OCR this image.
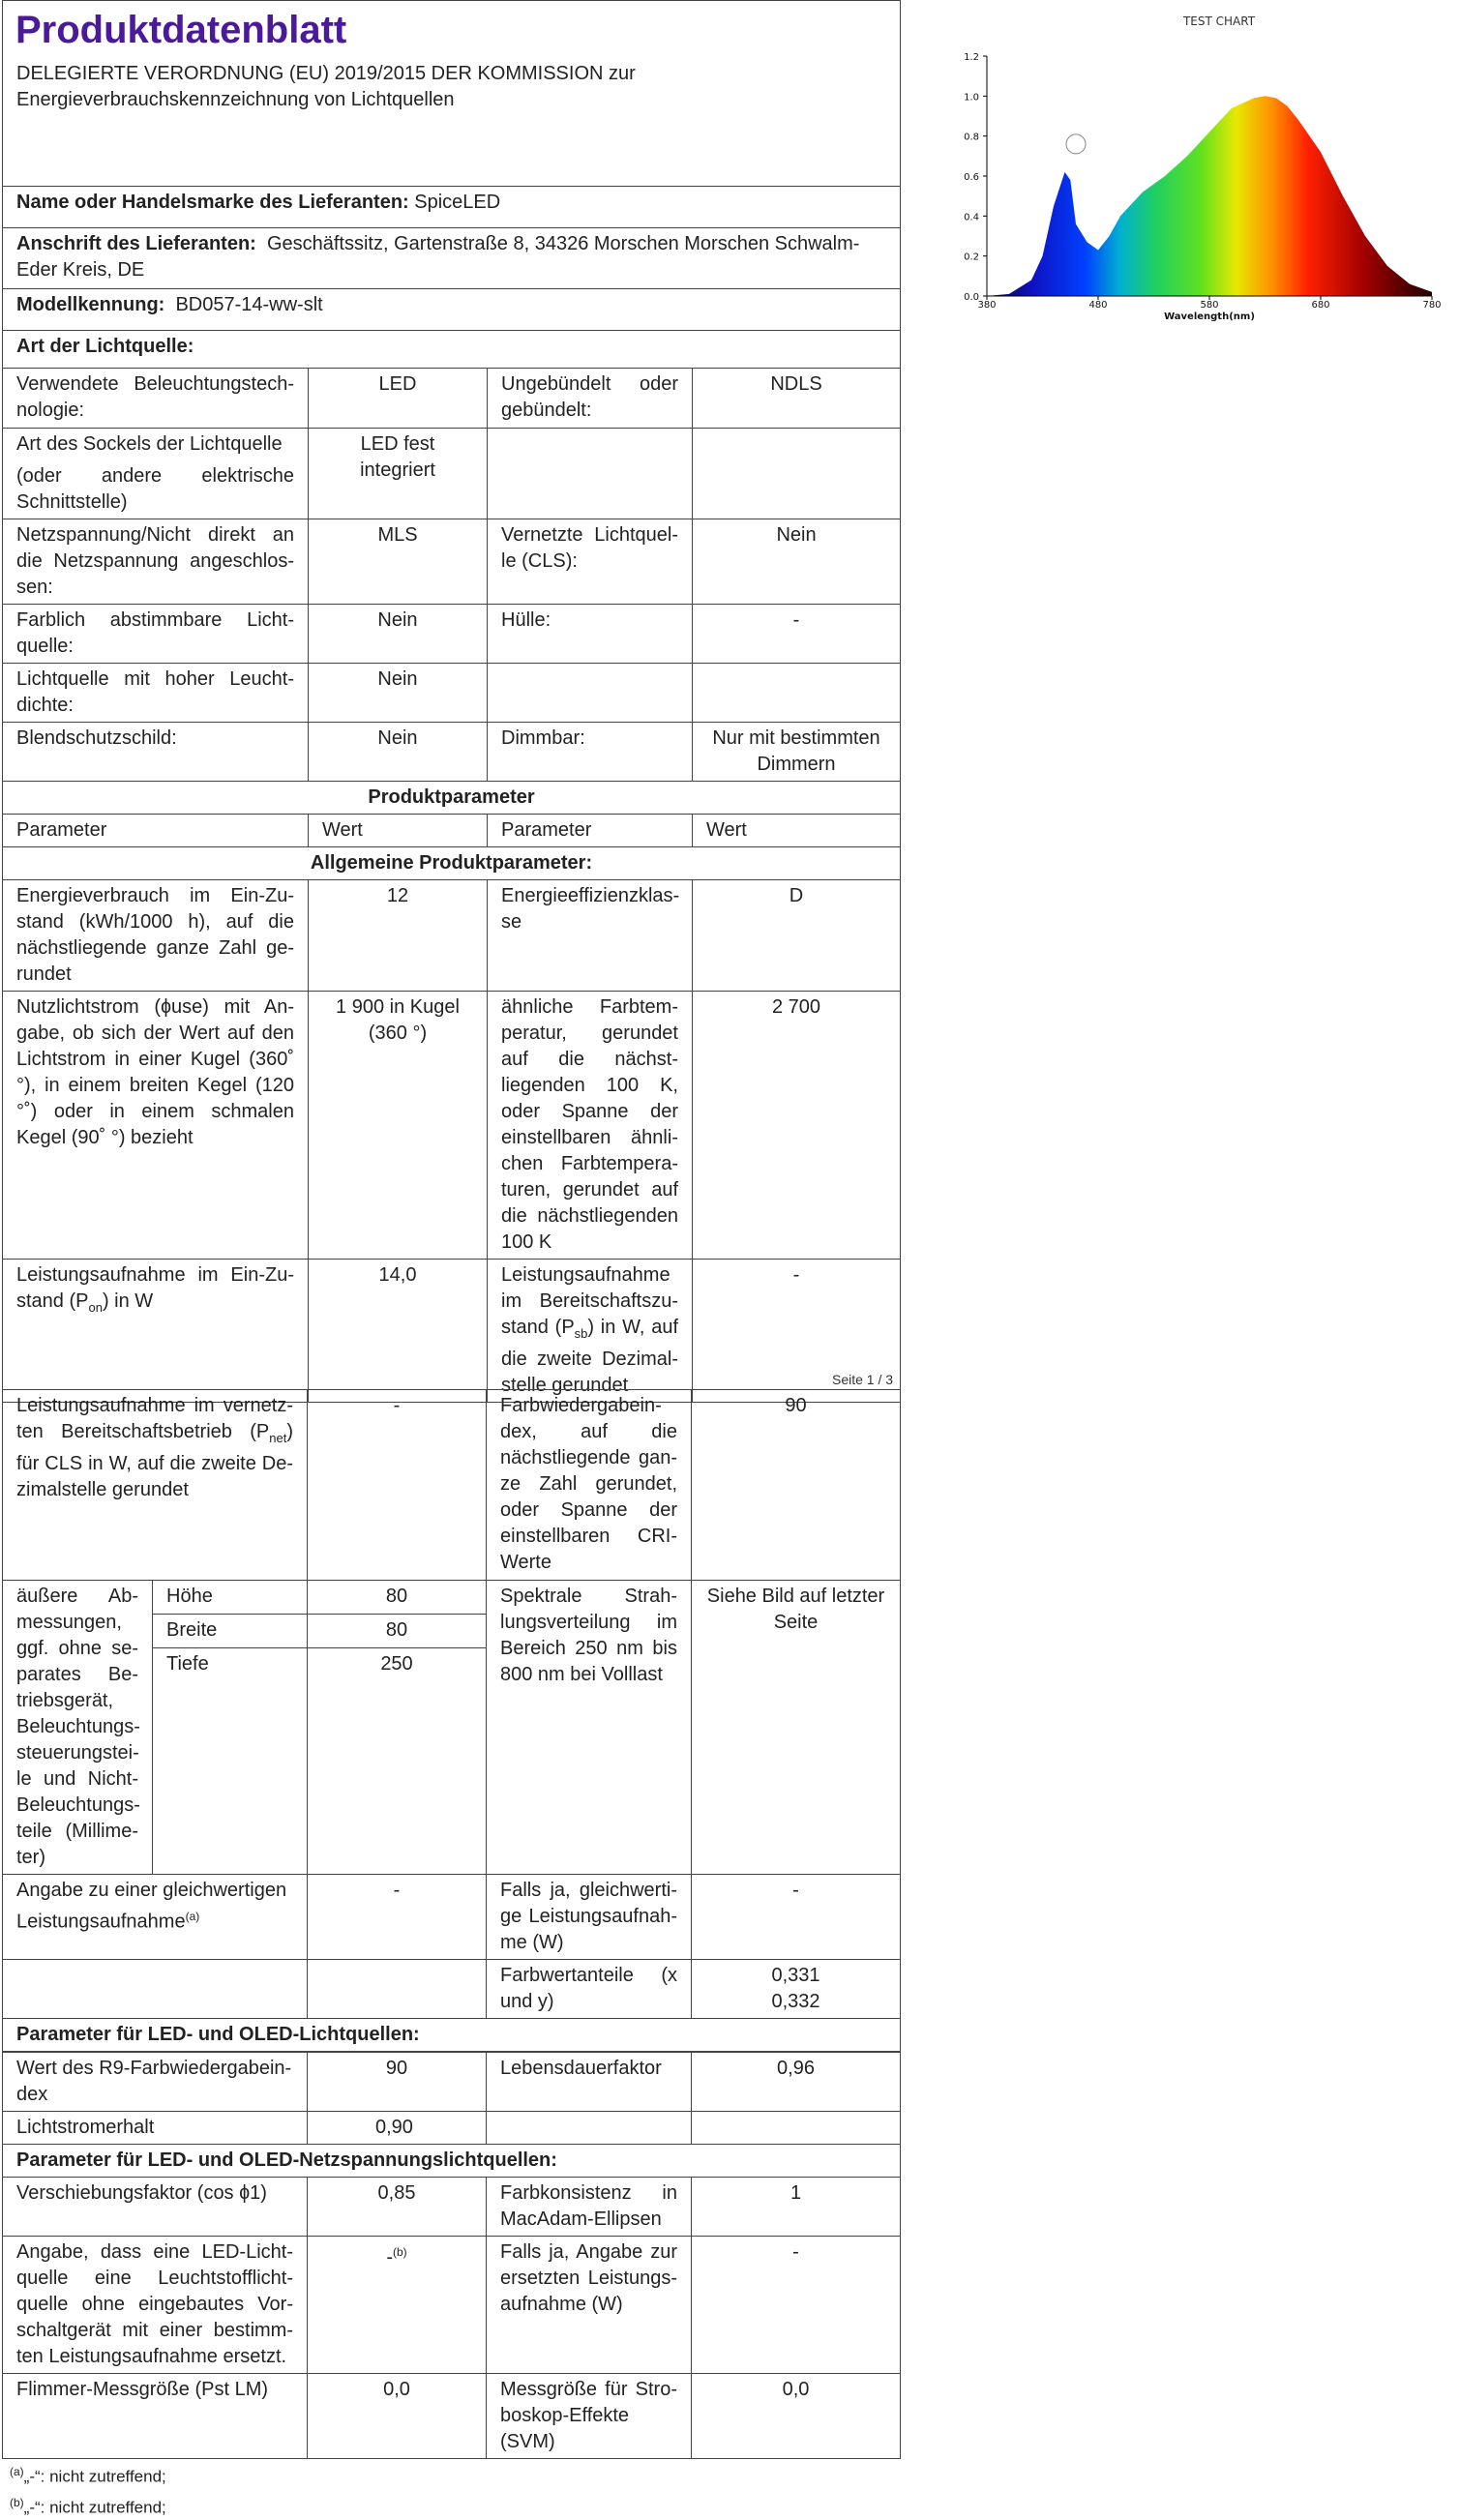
Produktdatenblatt
DELEGIERTE VERORDNUNG (EU) 2019/2015 DER KOMMISSION zur Energieverbrauchskennzeichnung von Lichtquellen			
Name oder Handelsmarke des Lieferanten: SpiceLED			
Anschrift des Lieferanten: Geschäftssitz, Gartenstraße 8, 34326 Morschen Morschen Schwalm-Eder Kreis, DE			
Modellkennung: BD057-14-ww-slt			
Art der Lichtquelle:			
Verwendete Beleuchtungstechnologie:	LED	Ungebündelt oder gebündelt:	NDLS

Art des Sockels der Lichtquelle
(oder andere elektrische Schnittstelle)	LED fest integriert		
Netzspannung/Nicht direkt an die Netzspannung angeschlossen:	MLS	Vernetzte Lichtquelle (CLS):	Nein
Farblich abstimmbare Lichtquelle:	Nein	Hülle:	-
Lichtquelle mit hoher Leuchtdichte:	Nein		
Blendschutzschild:	Nein	Dimmbar:	Nur mit bestimmten Dimmern
Produktparameter			
Parameter	Wert	Parameter	Wert
Allgemeine Produktparameter:			
Energieverbrauch im Ein-Zustand (kWh/1000 h), auf die nächstliegende ganze Zahl gerundet	12	Energieeffizienzklasse	D
Nutzlichtstrom (ɸuse) mit Angabe, ob sich der Wert auf den Lichtstrom in einer Kugel (360˚ °), in einem breiten Kegel (120 °˚) oder in einem schmalen Kegel (90˚ °) bezieht	1 900 in Kugel (360 °)	ähnliche Farbtemperatur, gerundet auf die nächstliegenden 100 K, oder Spanne der einstellbaren ähnlichen Farbtemperaturen, gerundet auf die nächstliegenden 100 K	2 700
Leistungsaufnahme im Ein-Zustand $(P_{on})$ in W	14,0	Leistungsaufnahme im Bereitschaftszustand $(P_{sb})$ in W, auf die zweite Dezimalstelle gerundet	-
Seite 1 / 3
Leistungsaufnahme im vernetzten Bereitschaftsbetrieb $(P_{net})$ für CLS in W, auf die zweite Dezimalstelle gerundet		-	Farbwiedergabeindex, auf die nächstliegende ganze Zahl gerundet, oder Spanne der einstellbaren CRI-Werte	90
äußere Abmessungen, ggf. ohne separates Betriebsgerät, Beleuchtungssteuerungsteile und Nicht-Beleuchtungsteile (Millimeter)	Höhe	80	Spektrale Strahlungsverteilung im Bereich 250 nm bis 800 nm bei Volllast	Siehe Bild auf letzter Seite
	Breite	80		
	Tiefe	250		
Angabe zu einer gleichwertigen Leistungsaufnahme$^{(a)}$		-	Falls ja, gleichwertige Leistungsaufnahme (W)	-
			Farbwertanteile (x und y)	0,331
0,332

Parameter für LED- und OLED-Lichtquellen:				
Wert des R9-Farbwiedergabeindex		90	Lebensdauerfaktor	0,96
Lichtstromerhalt		0,90		
Parameter für LED- und OLED-Netzspannungslichtquellen:				
Verschiebungsfaktor (cos ɸ1)		0,85	Farbkonsistenz in MacAdam-Ellipsen	1
Angabe, dass eine LED-Lichtquelle eine Leuchtstofflichtquelle ohne eingebautes Vorschaltgerät mit einer bestimmten Leistungsaufnahme ersetzt.		-$^{(b)}$	Falls ja, Angabe zur ersetzten Leistungsaufnahme (W)	-
Flimmer-Messgröße (Pst LM)		0,0	Messgröße für Stroboskop-Effekte (SVM)	0,0
$^{(a)}$„-“: nicht zutreffend;
$^{(b)}$„-“: nicht zutreffend;
TEST CHART
0.0
0.2
0.4
0.6
0.8
1.0
1.2
380	480	580	680	780
Wavelength(nm)
